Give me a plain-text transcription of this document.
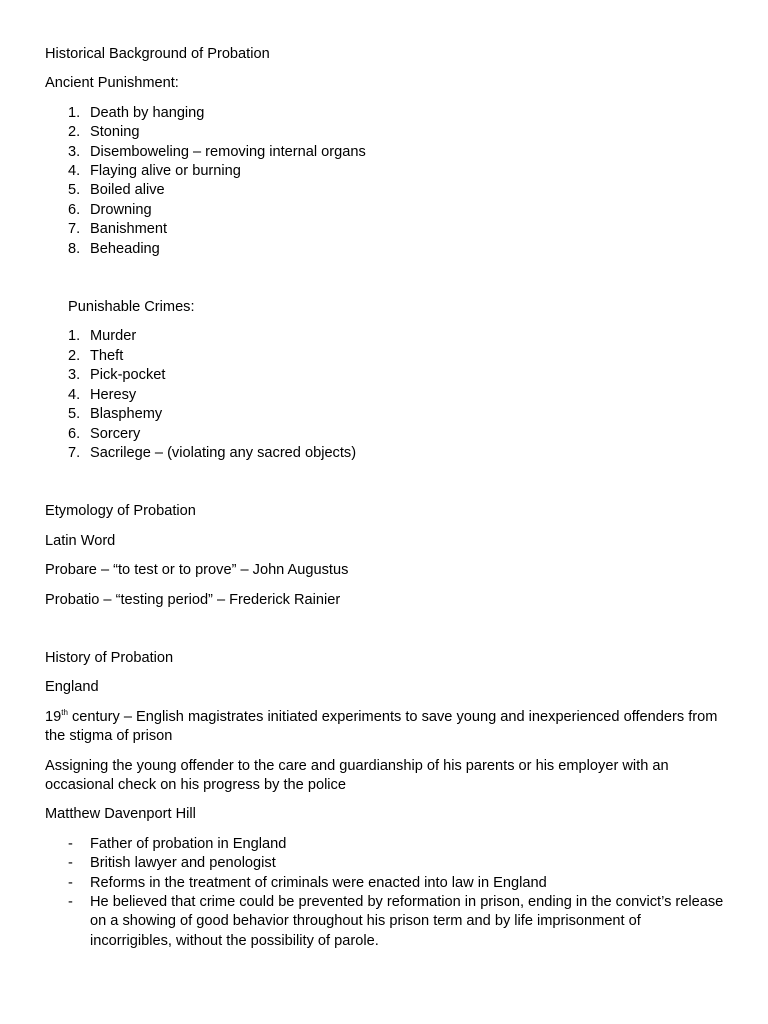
Historical Background of Probation

Ancient Punishment:

1. Death by hanging
2. Stoning
3. Disemboweling – removing internal organs
4. Flaying alive or burning
5. Boiled alive
6. Drowning
7. Banishment
8. Beheading

Punishable Crimes:

1. Murder
2. Theft
3. Pick-pocket
4. Heresy
5. Blasphemy
6. Sorcery
7. Sacrilege – (violating any sacred objects)

Etymology of Probation

Latin Word

Probare – “to test or to prove” – John Augustus

Probatio – “testing period” – Frederick Rainier

History of Probation

England

19th century – English magistrates initiated experiments to save young and inexperienced offenders from the stigma of prison

Assigning the young offender to the care and guardianship of his parents or his employer with an occasional check on his progress by the police

Matthew Davenport Hill

- Father of probation in England
- British lawyer and penologist
- Reforms in the treatment of criminals were enacted into law in England
- He believed that crime could be prevented by reformation in prison, ending in the convict’s release on a showing of good behavior throughout his prison term and by life imprisonment of incorrigibles, without the possibility of parole.
